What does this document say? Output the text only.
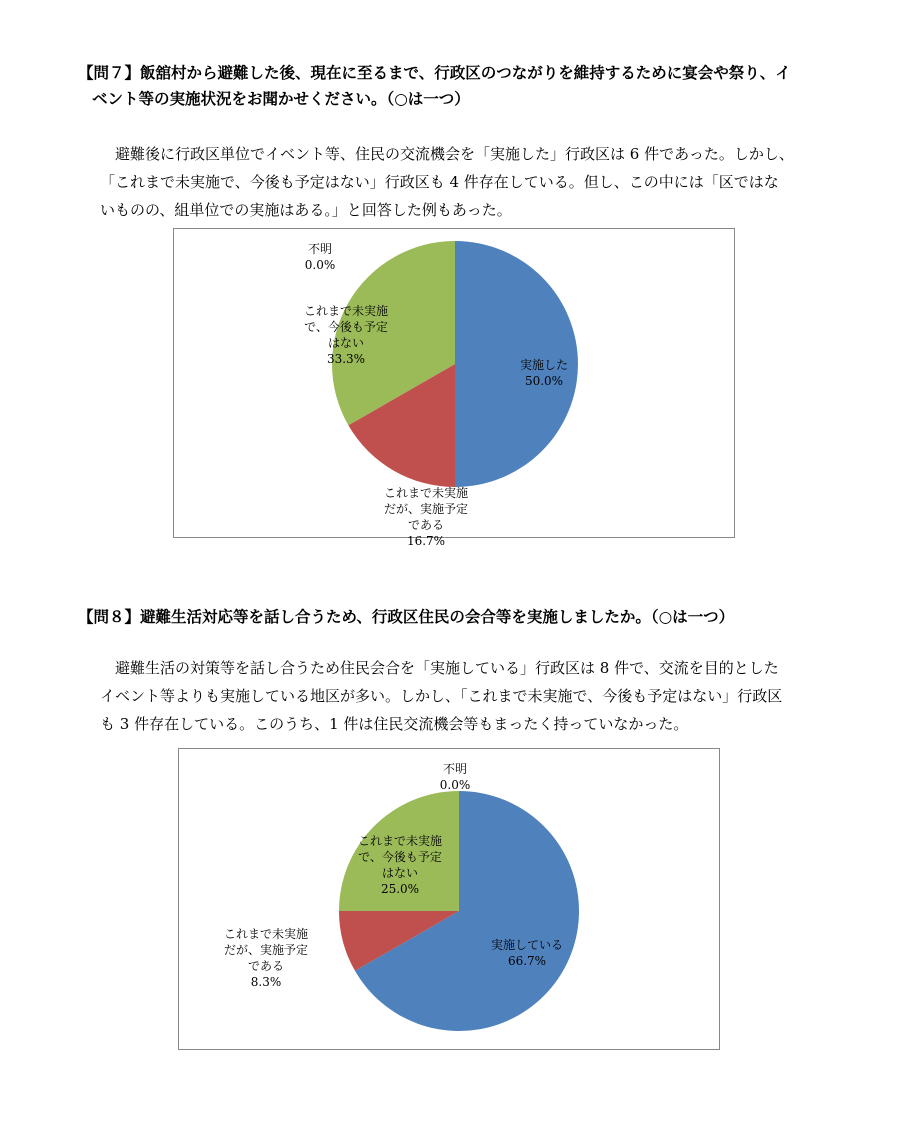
【問７】飯舘村から避難した後、現在に至るまで、行政区のつながりを維持するために宴会や祭り、イ
ベント等の実施状況をお聞かせください。（○は一つ）
避難後に行政区単位でイベント等、住民の交流機会を「実施した」行政区は 6 件であった。しかし、
「これまで未実施で、今後も予定はない」行政区も 4 件存在している。但し、この中には「区ではな
いものの、組単位での実施はある。」と回答した例もあった。
実施した 50.0%
これまで未実施だが、実施予定である 16.7%
これまで未実施で、今後も予定はない 33.3%
不明 0.0%
【問８】避難生活対応等を話し合うため、行政区住民の会合等を実施しましたか。（○は一つ）
避難生活の対策等を話し合うため住民会合を「実施している」行政区は 8 件で、交流を目的とした
イベント等よりも実施している地区が多い。しかし、「これまで未実施で、今後も予定はない」行政区
も 3 件存在している。このうち、1 件は住民交流機会等もまったく持っていなかった。
実施している 66.7%
これまで未実施だが、実施予定である 8.3%
これまで未実施で、今後も予定はない 25.0%
不明 0.0%
